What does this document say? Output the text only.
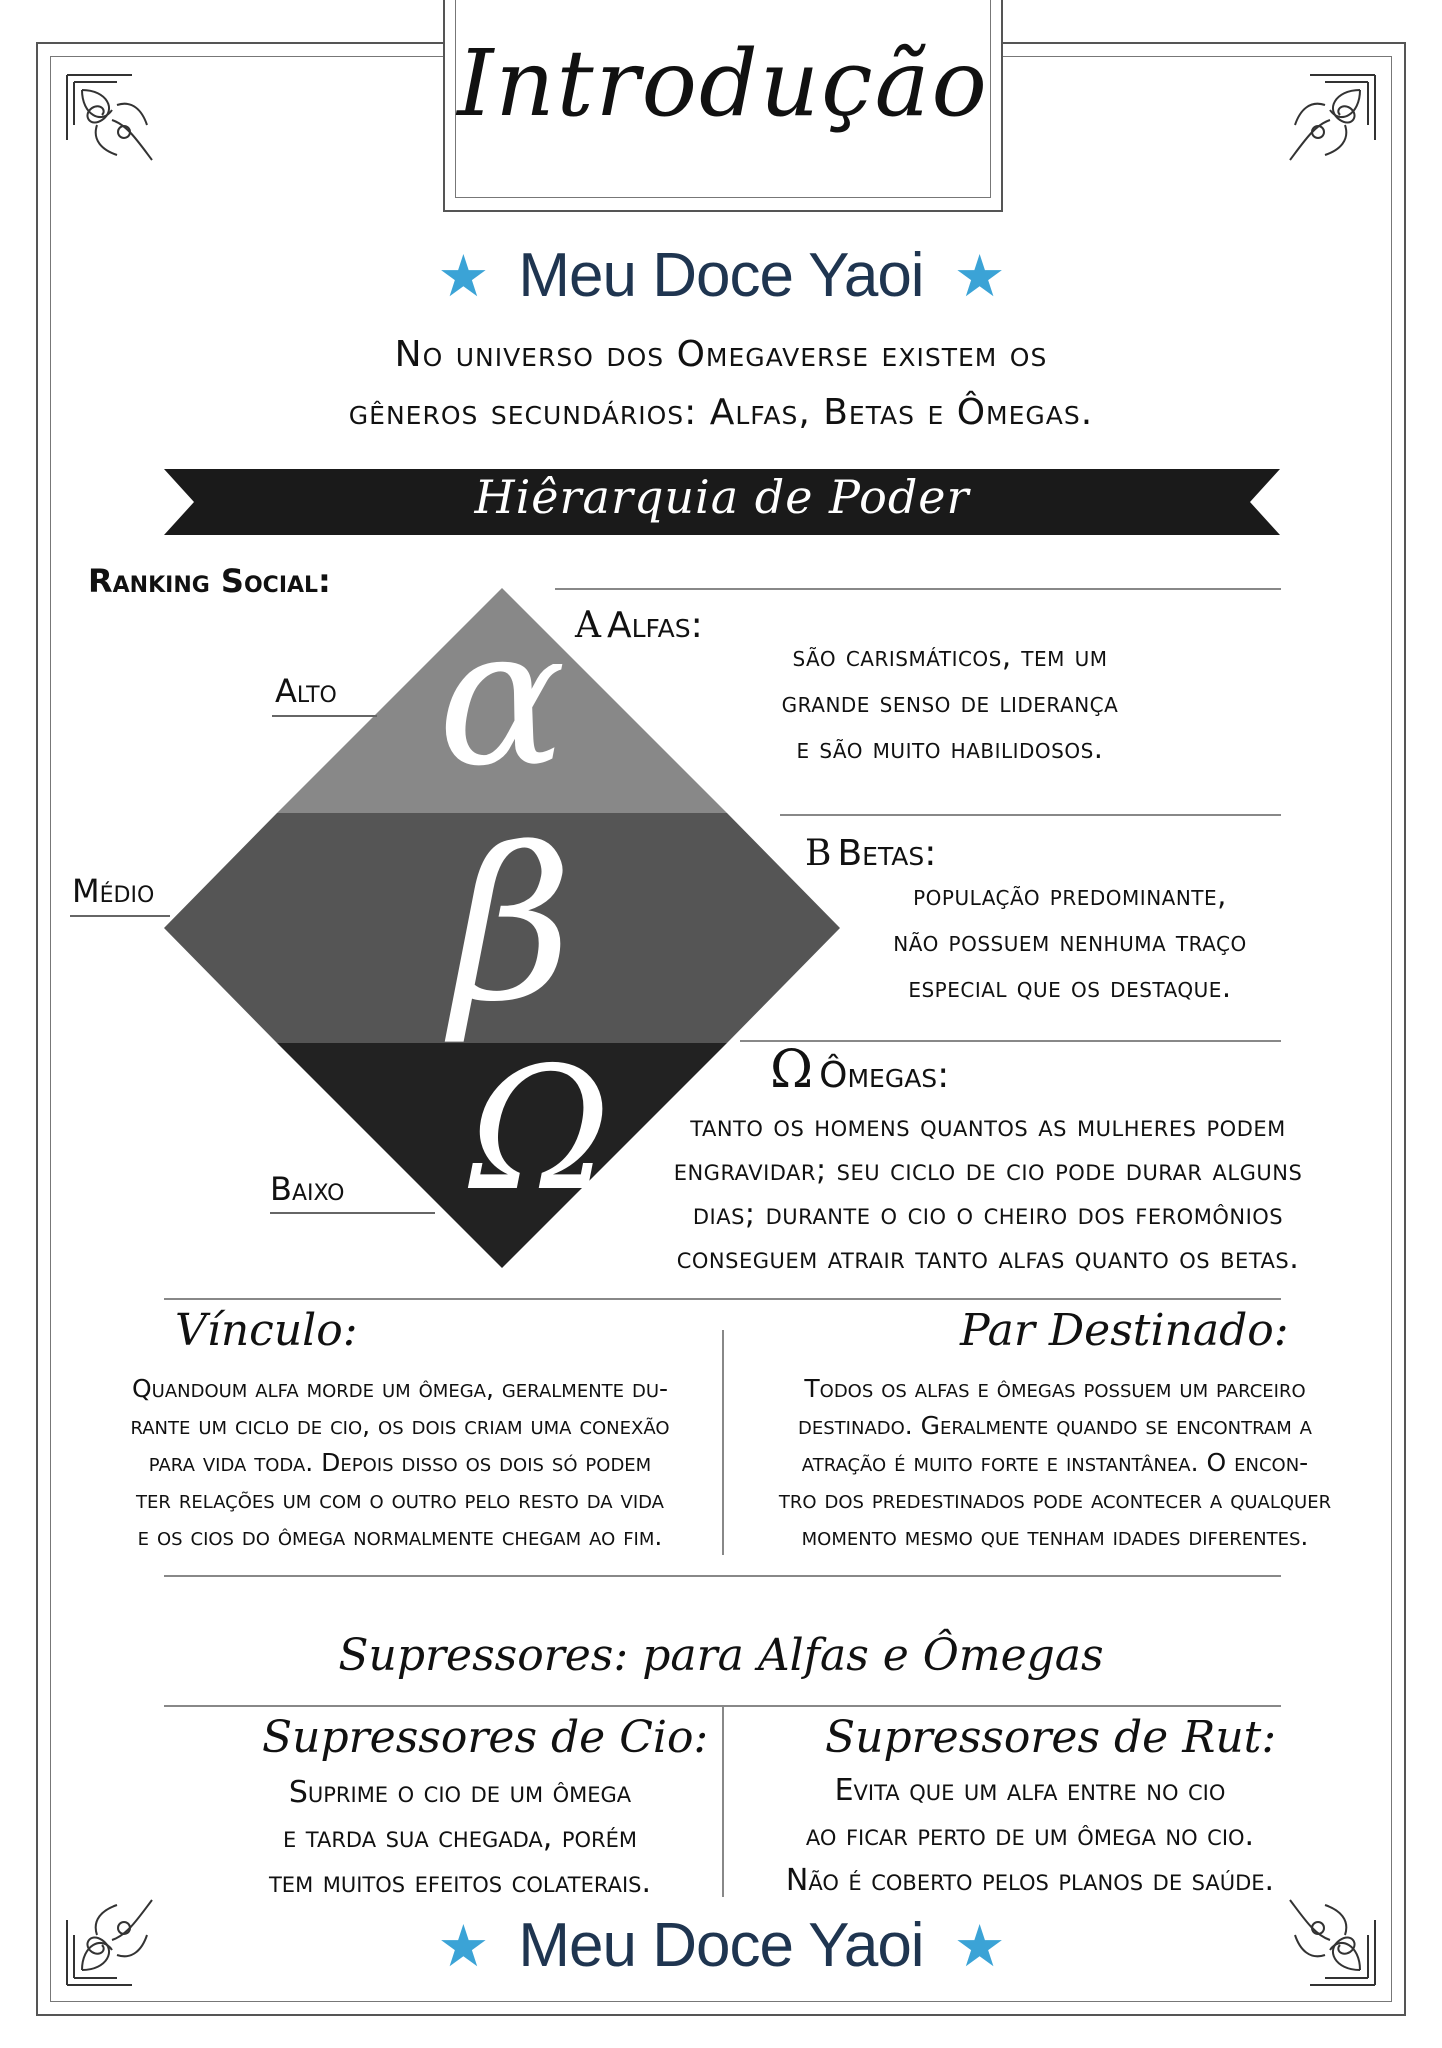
Introdução
★ Meu Doce Yaoi ★
No universo dos Omegaverse existem os
gêneros secundários: Alfas, Betas e Ômegas.
Hiêrarquia de Poder
Ranking Social:
α
β
Ω
Alto
Médio
Baixo
α Alfas:
são carismáticos, tem um
grande senso de liderança
e são muito habilidosos.
β Betas:
população predominante,
não possuem nenhuma traço
especial que os destaque.
Ω Ômegas:
tanto os homens quantos as mulheres podem
engravidar; seu ciclo de cio pode durar alguns
dias; durante o cio o cheiro dos feromônios
conseguem atrair tanto alfas quanto os betas.
Vínculo:
Quandoum alfa morde um ômega, geralmente du-
rante um ciclo de cio, os dois criam uma conexão
para vida toda. Depois disso os dois só podem
ter relações um com o outro pelo resto da vida
e os cios do ômega normalmente chegam ao fim.
Par Destinado:
Todos os alfas e ômegas possuem um parceiro
destinado. Geralmente quando se encontram a
atração é muito forte e instantânea. O encon-
tro dos predestinados pode acontecer a qualquer
momento mesmo que tenham idades diferentes.
Supressores: para Alfas e Ômegas
Supressores de Cio:
Suprime o cio de um ômega
e tarda sua chegada, porém
tem muitos efeitos colaterais.
Supressores de Rut:
Evita que um alfa entre no cio
ao ficar perto de um ômega no cio.
Não é coberto pelos planos de saúde.
★ Meu Doce Yaoi ★
